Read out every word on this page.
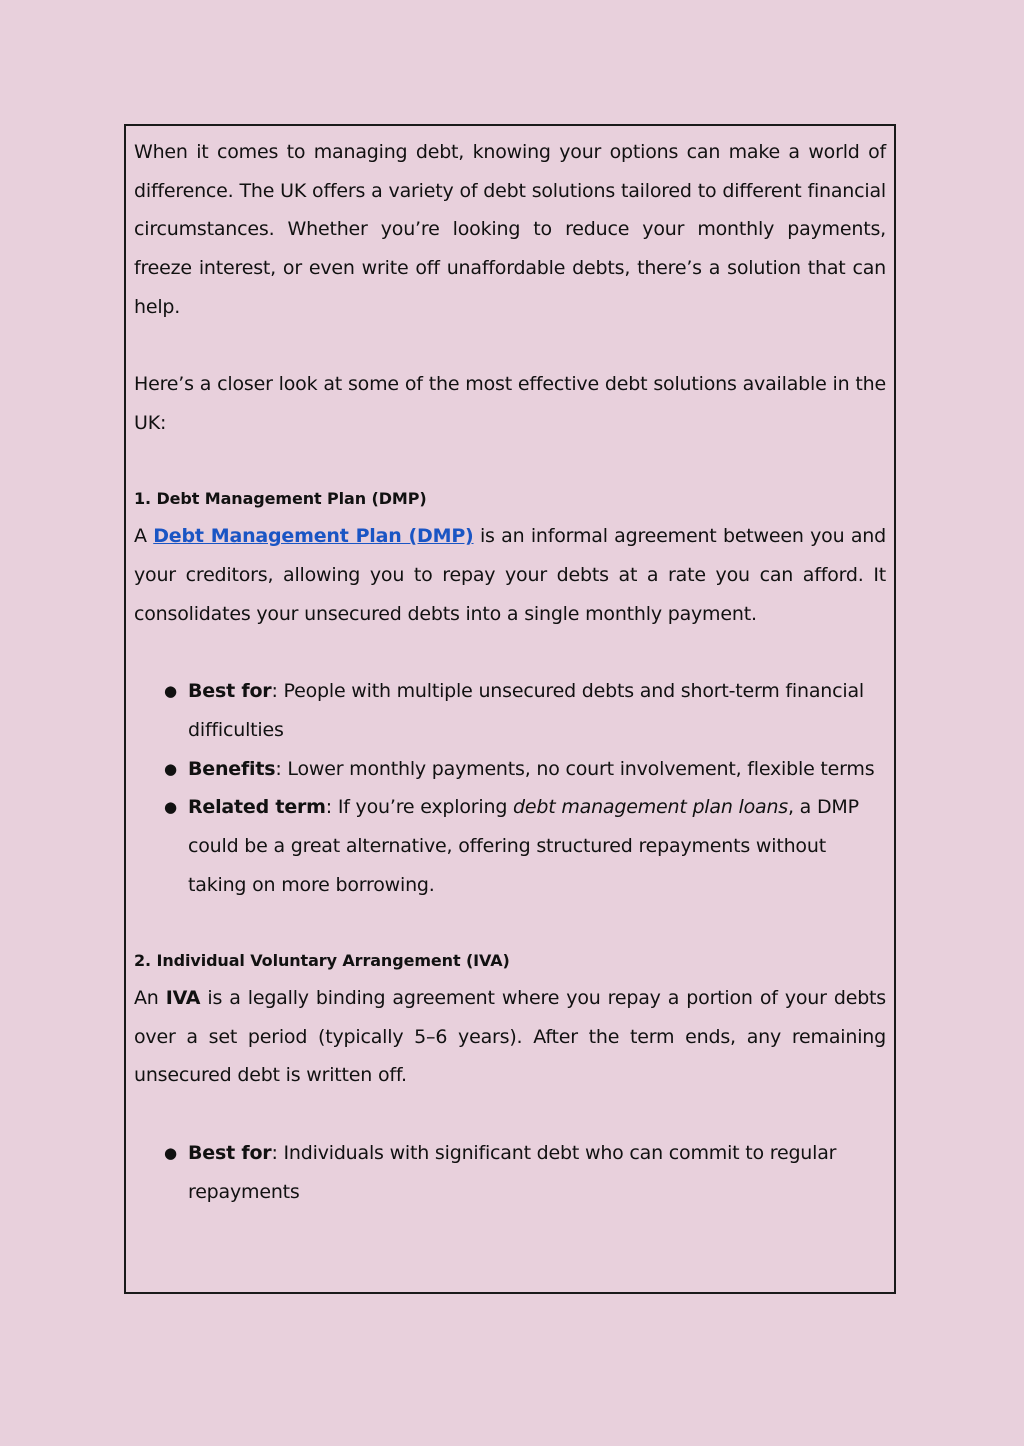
When it comes to managing debt, knowing your options can make a world of difference. The UK offers a variety of debt solutions tailored to different financial circumstances. Whether you’re looking to reduce your monthly payments, freeze interest, or even write off unaffordable debts, there’s a solution that can help.

Here’s a closer look at some of the most effective debt solutions available in the UK:

1. Debt Management Plan (DMP)

A Debt Management Plan (DMP) is an informal agreement between you and your creditors, allowing you to repay your debts at a rate you can afford. It consolidates your unsecured debts into a single monthly payment.

● Best for: People with multiple unsecured debts and short-term financial difficulties
● Benefits: Lower monthly payments, no court involvement, flexible terms
● Related term: If you’re exploring debt management plan loans, a DMP could be a great alternative, offering structured repayments without taking on more borrowing.
2. Individual Voluntary Arrangement (IVA)

An IVA is a legally binding agreement where you repay a portion of your debts over a set period (typically 5–6 years). After the term ends, any remaining unsecured debt is written off.

● Best for: Individuals with significant debt who can commit to regular repayments
